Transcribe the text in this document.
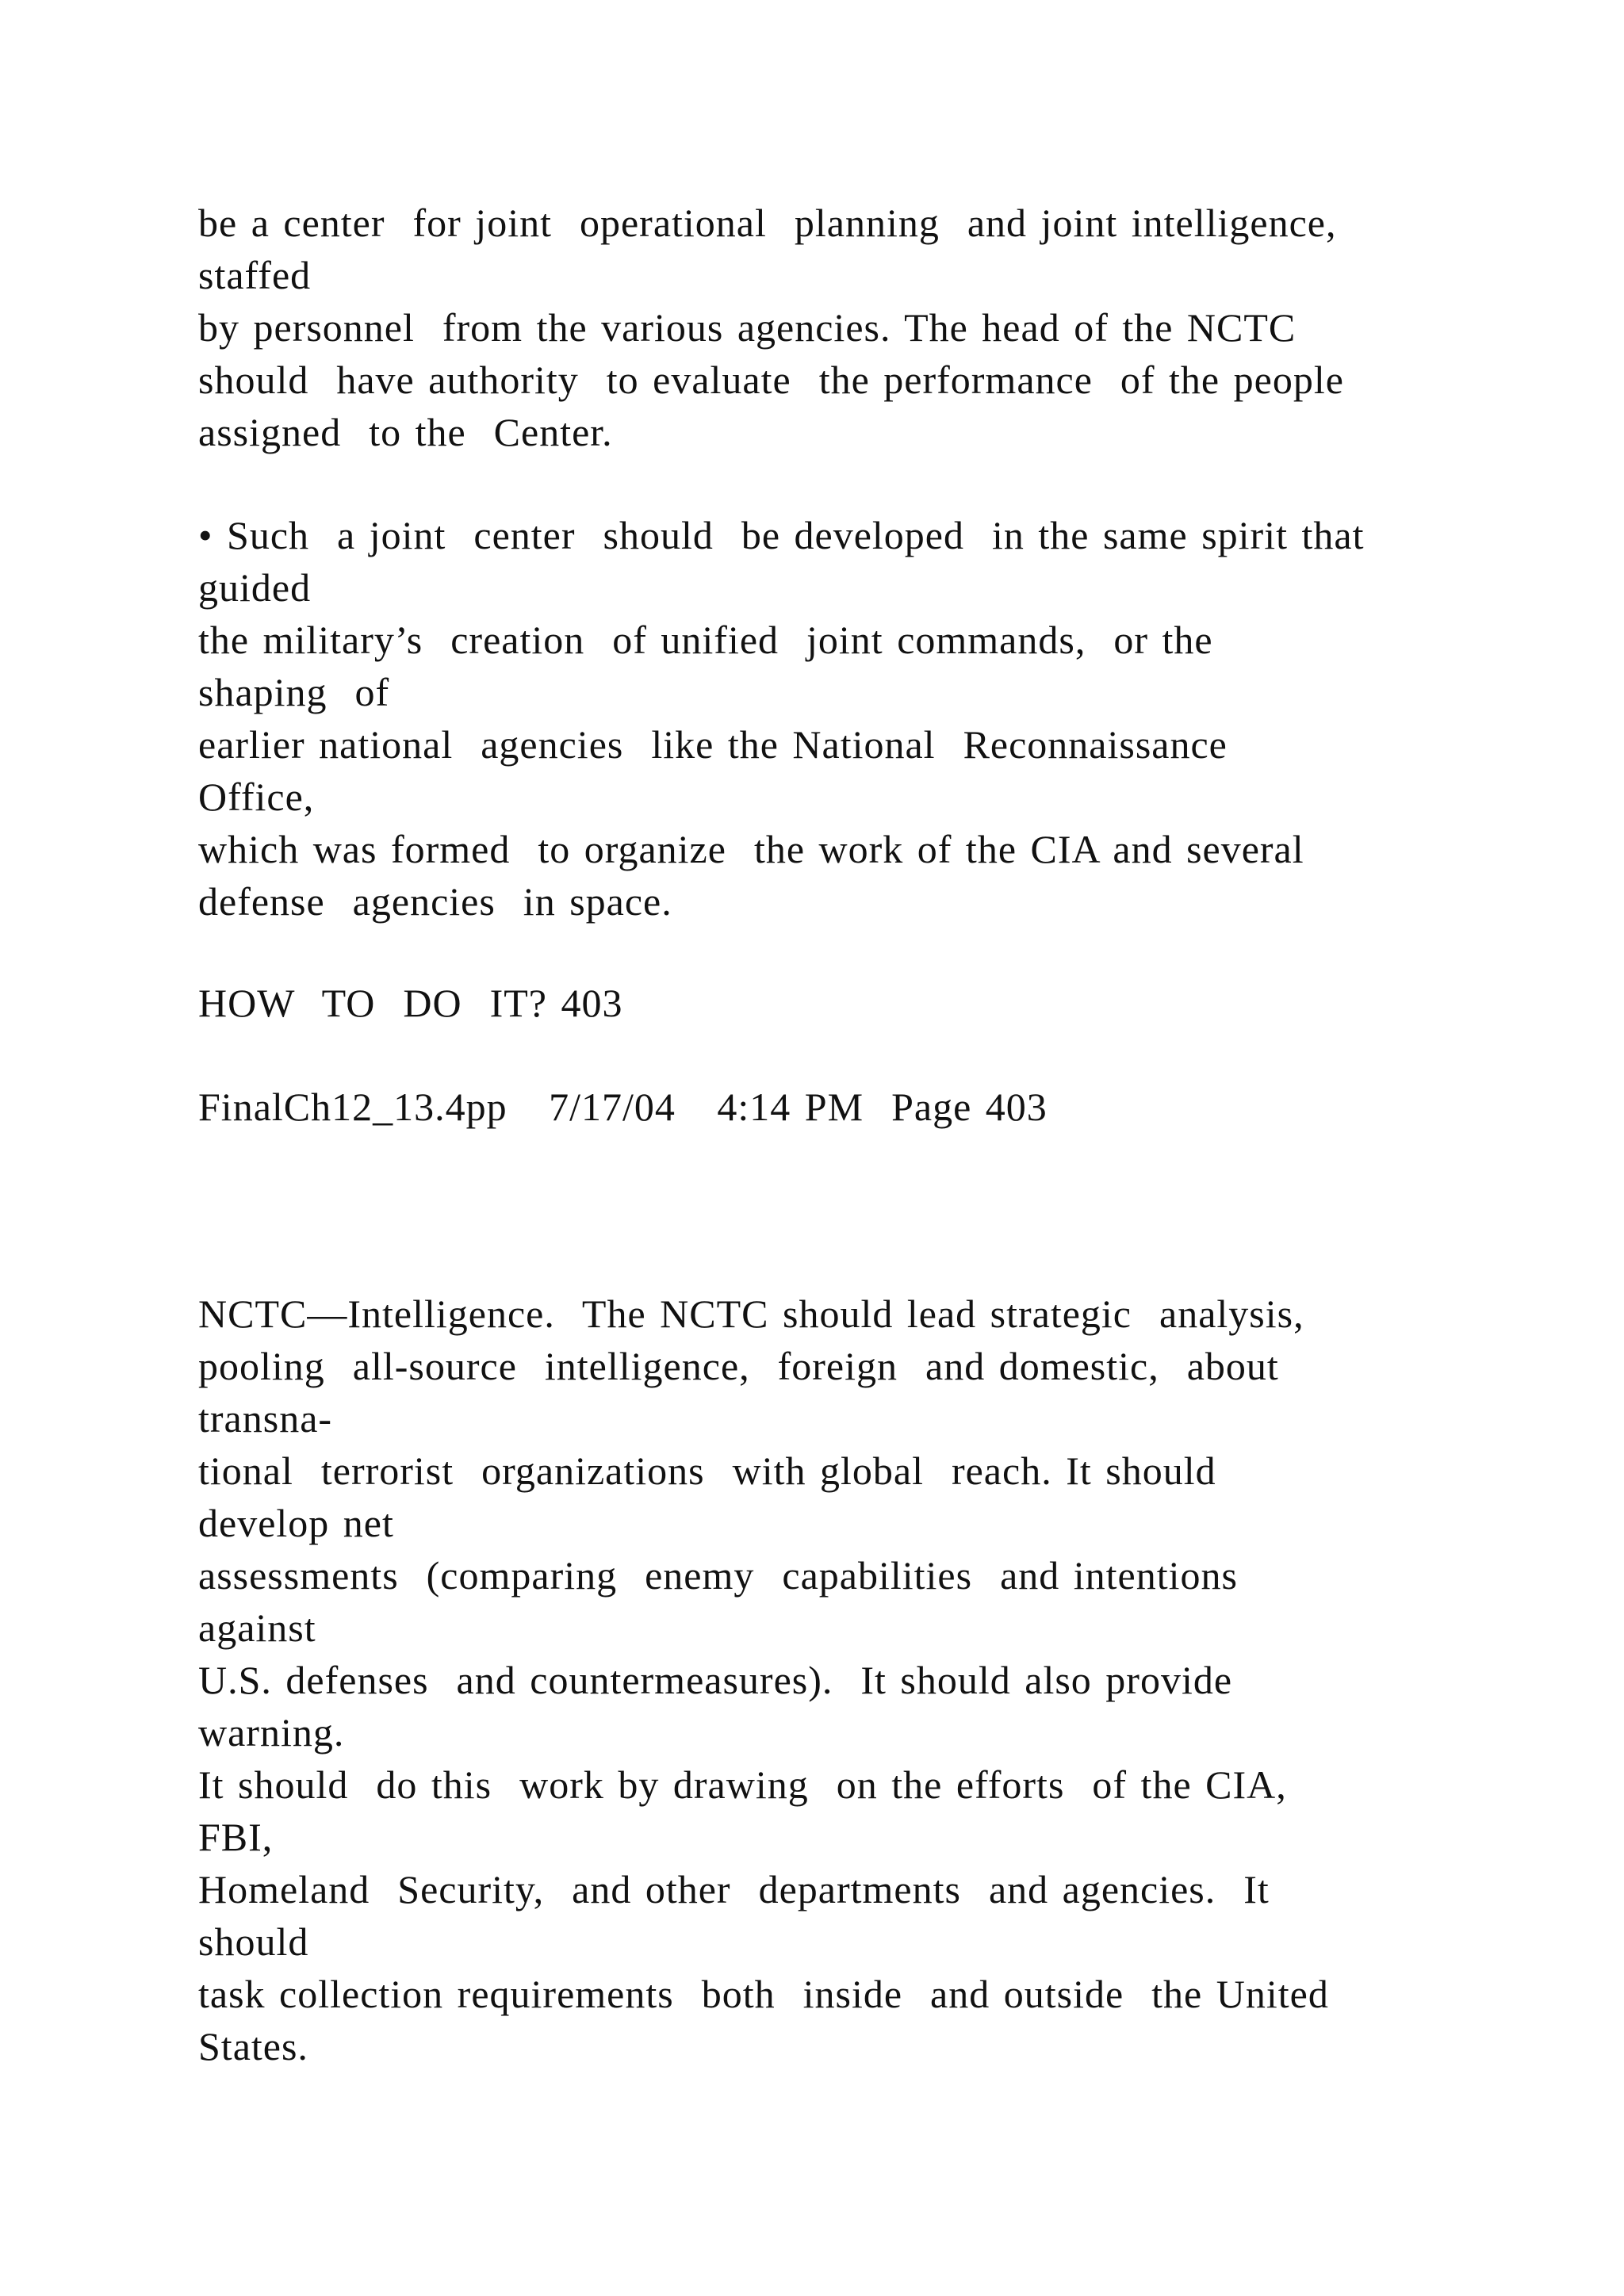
be a center  for joint  operational  planning  and joint intelligence,
staffed
by personnel  from the various agencies. The head of the NCTC
should  have authority  to evaluate  the performance  of the people
assigned  to the  Center.
• Such  a joint  center  should  be developed  in the same spirit that
guided
the military’s  creation  of unified  joint commands,  or the
shaping  of
earlier national  agencies  like the National  Reconnaissance
Office,
which was formed  to organize  the work of the CIA and several
defense  agencies  in space.
HOW  TO  DO  IT? 403
FinalCh12_13.4pp   7/17/04   4:14 PM  Page 403
NCTC—Intelligence.  The NCTC should lead strategic  analysis,
pooling  all-source  intelligence,  foreign  and domestic,  about
transna-
tional  terrorist  organizations  with global  reach. It should
develop net
assessments  (comparing  enemy  capabilities  and intentions
against
U.S. defenses  and countermeasures).  It should also provide
warning.
It should  do this  work by drawing  on the efforts  of the CIA,
FBI,
Homeland  Security,  and other  departments  and agencies.  It
should
task collection requirements  both  inside  and outside  the United
States.
